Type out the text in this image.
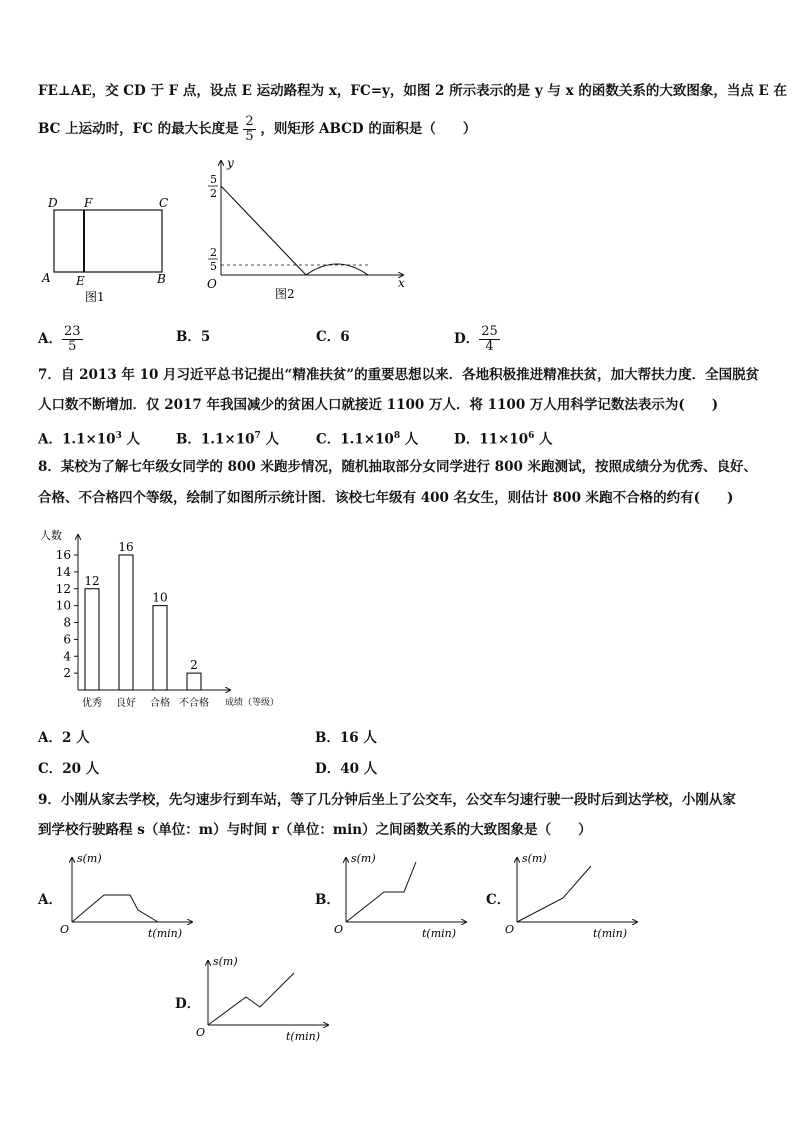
FE⊥AE，交 CD 于 F 点，设点 E 运动路程为 x，FC=y，如图 2 所示表示的是 y 与 x 的函数关系的大致图象，当点 E 在
BC 上运动时，FC 的最大长度是 $\frac{2}{5}$ ，则矩形 ABCD 的面积是（　　）
D F	C
A E	B
图1
y
x
O
5
2
2
5
图2
A． $\frac{23}{5}$	B．5	C．6	D． $\frac{25}{4}$
7．自 2013 年 10 月习近平总书记提出“精准扶贫”的重要思想以来．各地积极推进精准扶贫，加大帮扶力度．全国脱贫
人口数不断增加．仅 2017 年我国减少的贫困人口就接近 1100 万人．将 1100 万人用科学记数法表示为(　　)
A．$1.1\times 10^3$ 人	B．$1.1\times 10^7$ 人	C．$1.1\times 10^8$ 人	D．$11\times 10^6$ 人
8．某校为了解七年级女同学的 800 米跑步情况，随机抽取部分女同学进行 800 米跑测试，按照成绩分为优秀、良好、
合格、不合格四个等级，绘制了如图所示统计图．该校七年级有 400 名女生，则估计 800 米跑不合格的约有(　　)
人数
成绩（等级）
2
4
6
8
10
12
14
16
12
优秀
16
良好
10
合格
2
不合格
A．2 人	B．16 人
C．20 人	D．40 人
9．小刚从家去学校，先匀速步行到车站，等了几分钟后坐上了公交车，公交车匀速行驶一段时后到达学校，小刚从家
到学校行驶路程 s（单位：m）与时间 r（单位：min）之间函数关系的大致图象是（　　）
A．
s(m)
t(min)
O
B．
s(m)
t(min)
O
C．
s(m)
t(min)
O
D．
s(m)
t(min)
O
